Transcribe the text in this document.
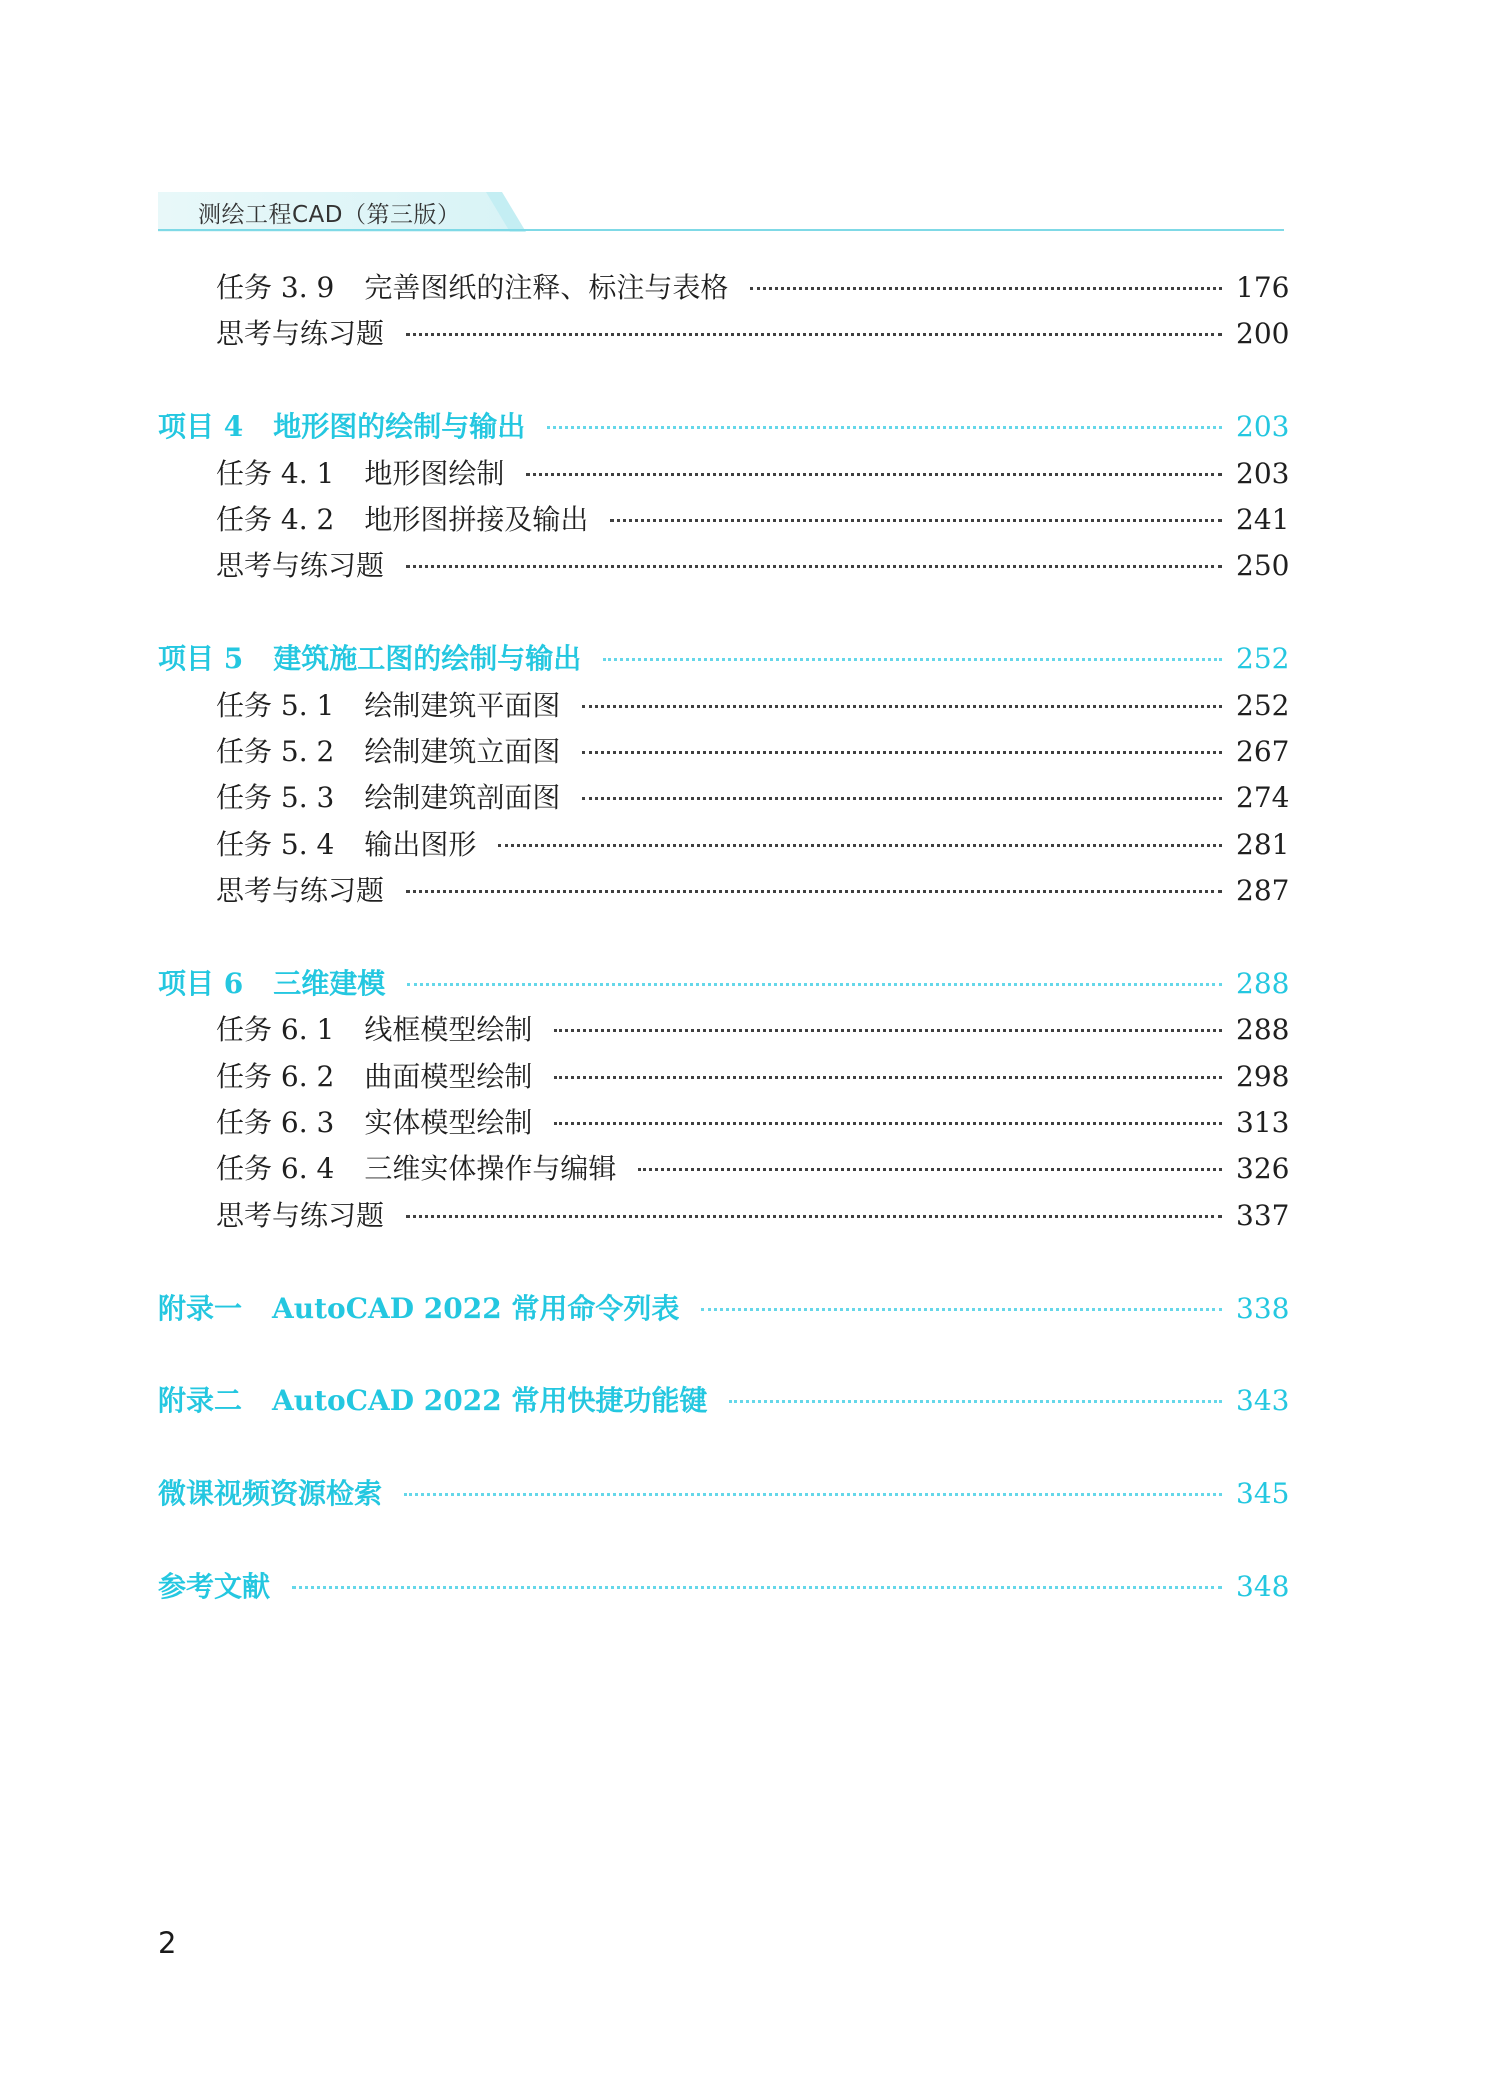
测绘工程CAD（第三版）
任务 3. 9 完善图纸的注释、标注与表格	176
思考与练习题	200
项目 4 地形图的绘制与输出	203
任务 4. 1 地形图绘制	203
任务 4. 2 地形图拼接及输出	241
思考与练习题	250
项目 5 建筑施工图的绘制与输出	252
任务 5. 1 绘制建筑平面图	252
任务 5. 2 绘制建筑立面图	267
任务 5. 3 绘制建筑剖面图	274
任务 5. 4 输出图形	281
思考与练习题	287
项目 6 三维建模	288
任务 6. 1 线框模型绘制	288
任务 6. 2 曲面模型绘制	298
任务 6. 3 实体模型绘制	313
任务 6. 4 三维实体操作与编辑	326
思考与练习题	337
附录一 AutoCAD 2022 常用命令列表	338
附录二 AutoCAD 2022 常用快捷功能键	343
微课视频资源检索	345
参考文献	348
2
